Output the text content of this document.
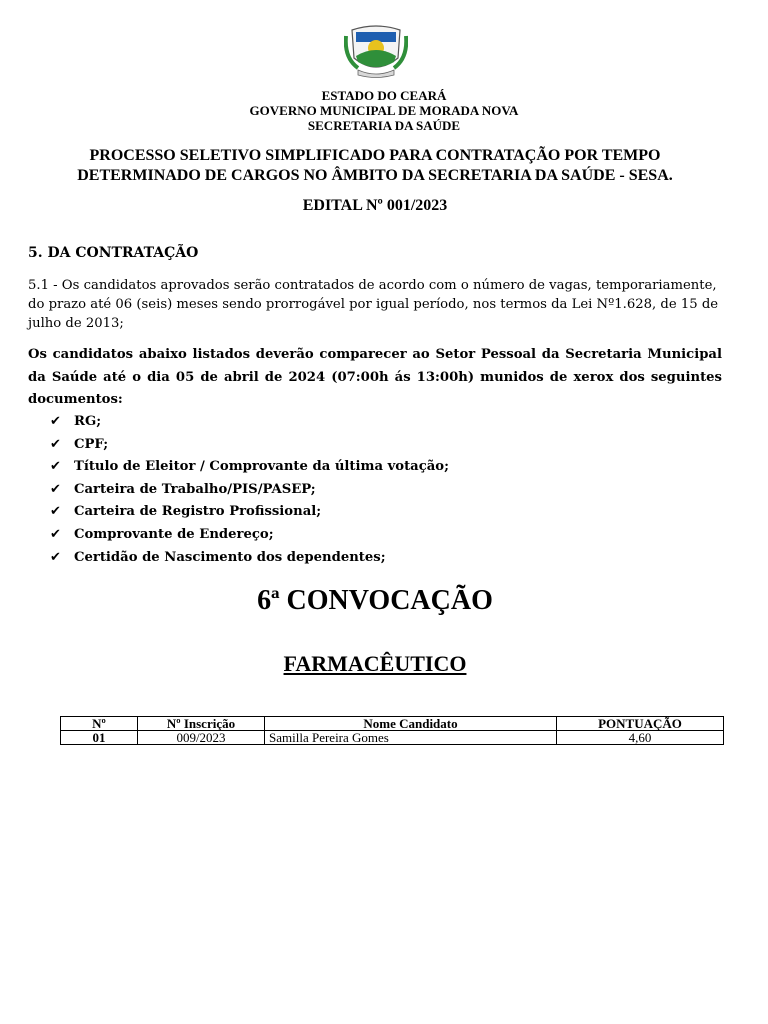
ESTADO DO CEARÁ
GOVERNO MUNICIPAL DE MORADA NOVA
SECRETARIA DA SAÚDE
PROCESSO SELETIVO SIMPLIFICADO PARA CONTRATAÇÃO POR TEMPO
DETERMINADO DE CARGOS NO ÂMBITO DA SECRETARIA DA SAÚDE - SESA.
EDITAL Nº 001/2023
5. DA CONTRATAÇÃO
5.1 - Os candidatos aprovados serão contratados de acordo com o número de vagas, temporariamente,
do prazo até 06 (seis) meses sendo prorrogável por igual período, nos termos da Lei Nº1.628, de 15 de
julho de 2013;
Os candidatos abaixo listados deverão comparecer ao Setor Pessoal da Secretaria Municipal da Saúde até o dia 05 de abril de 2024 (07:00h ás 13:00h) munidos de xerox dos seguintes documentos:
✔ RG;
✔ CPF;
✔ Título de Eleitor / Comprovante da última votação;
✔ Carteira de Trabalho/PIS/PASEP;
✔ Carteira de Registro Profissional;
✔ Comprovante de Endereço;
✔ Certidão de Nascimento dos dependentes;
6ª CONVOCAÇÃO
FARMACÊUTICO
Nº	Nº Inscrição	Nome Candidato	PONTUAÇÃO
01	009/2023	Samilla Pereira Gomes	4,60
